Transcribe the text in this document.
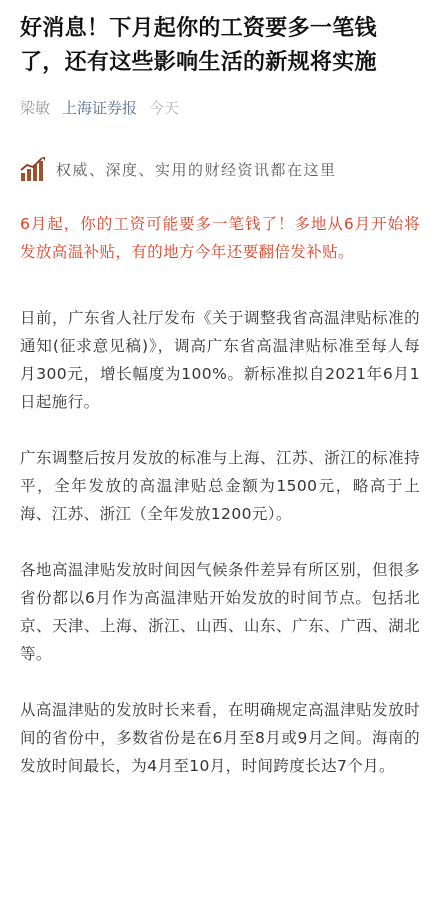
好消息！下月起你的工资要多一笔钱了，还有这些影响生活的新规将实施
梁敏 上海证券报 今天
权威、深度、实用的财经资讯都在这里

6月起，你的工资可能要多一笔钱了！多地从6月开始将发放高温补贴，有的地方今年还要翻倍发补贴。

日前，广东省人社厅发布《关于调整我省高温津贴标准的通知(征求意见稿)》，调高广东省高温津贴标准至每人每月300元，增长幅度为100%。新标准拟自2021年6月1日起施行。

广东调整后按月发放的标准与上海、江苏、浙江的标准持平，全年发放的高温津贴总金额为1500元，略高于上海、江苏、浙江（全年发放1200元）。

各地高温津贴发放时间因气候条件差异有所区别，但很多省份都以6月作为高温津贴开始发放的时间节点。包括北京、天津、上海、浙江、山西、山东、广东、广西、湖北等。

从高温津贴的发放时长来看，在明确规定高温津贴发放时间的省份中，多数省份是在6月至8月或9月之间。海南的发放时间最长，为4月至10月，时间跨度长达7个月。
